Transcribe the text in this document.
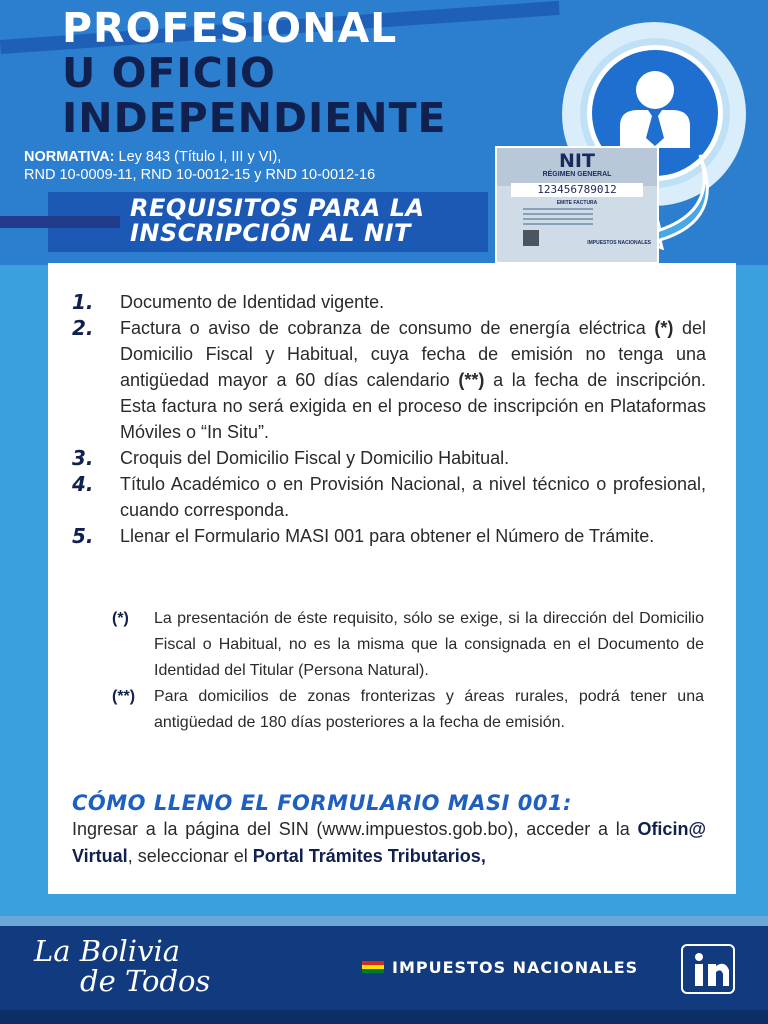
PROFESIONAL
U OFICIO
INDEPENDIENTE
NORMATIVA: Ley 843 (Título I, III y VI),
RND 10-0009-11, RND 10-0012-15 y RND 10-0012-16
REQUISITOS PARA LA
INSCRIPCIÓN AL NIT
NIT
RÉGIMEN GENERAL
123456789012
EMITE FACTURA
IMPUESTOS NACIONALES
1. Documento de Identidad vigente.
2. Factura o aviso de cobranza de consumo de energía eléctrica (*) del Domicilio Fiscal y Habitual, cuya fecha de emisión no tenga una antigüedad mayor a 60 días calendario (**) a la fecha de inscripción. Esta factura no será exigida en el proceso de inscripción en Plataformas Móviles o “In Situ”.
3. Croquis del Domicilio Fiscal y Domicilio Habitual.
4. Título Académico o en Provisión Nacional, a nivel técnico o profesional, cuando corresponda.
5. Llenar el Formulario MASI 001 para obtener el Número de Trámite.
(*) La presentación de éste requisito, sólo se exige, si la dirección del Domicilio Fiscal o Habitual, no es la misma que la consignada en el Documento de Identidad del Titular (Persona Natural).
(**) Para domicilios de zonas fronterizas y áreas rurales, podrá tener una antigüedad de 180 días posteriores a la fecha de emisión.
CÓMO LLENO EL FORMULARIO MASI 001:
Ingresar a la página del SIN (www.impuestos.gob.bo), acceder a la Oficin@ Virtual, seleccionar el Portal Trámites Tributarios,
La Bolivia
de Todos	IMPUESTOS NACIONALES
